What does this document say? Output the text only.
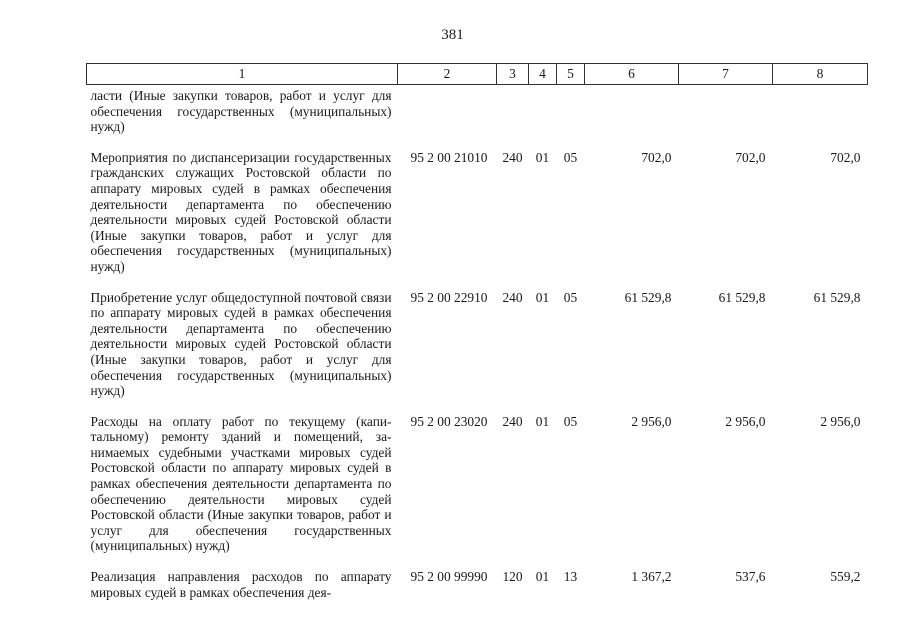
381
1	2	3	4	5	6	7	8
ласти (Иные закупки товаров, работ и услуг для обеспечения государственных (муниципальных) нужд)							
Мероприятия по диспансеризации государственных гражданских служащих Ростовской области по аппарату мировых судей в рамках обеспечения деятельности департамента по обеспечению деятельности мировых судей Ростовской области (Иные закупки товаров, работ и услуг для обеспечения государственных (муниципальных) нужд)	95 2 00 21010	240	01	05	702,0	702,0	702,0
Приобретение услуг общедоступной почтовой связи по аппарату мировых судей в рамках обеспечения деятельности департамента по обеспечению деятельности мировых судей Ростовской области (Иные закупки товаров, работ и услуг для обеспечения государственных (муниципальных) нужд)	95 2 00 22910	240	01	05	61 529,8	61 529,8	61 529,8
Расходы на оплату работ по текущему (капитальному) ремонту зданий и помещений, занимаемых судебными участками мировых судей Ростовской области по аппарату мировых судей в рамках обеспечения деятельности департамента по обеспечению деятельности мировых судей Ростовской области (Иные закупки товаров, работ и услуг для обеспечения государственных (муниципальных) нужд)	95 2 00 23020	240	01	05	2 956,0	2 956,0	2 956,0
Реализация направления расходов по аппарату мировых судей в рамках обеспечения дея-	95 2 00 99990	120	01	13	1 367,2	537,6	559,2
